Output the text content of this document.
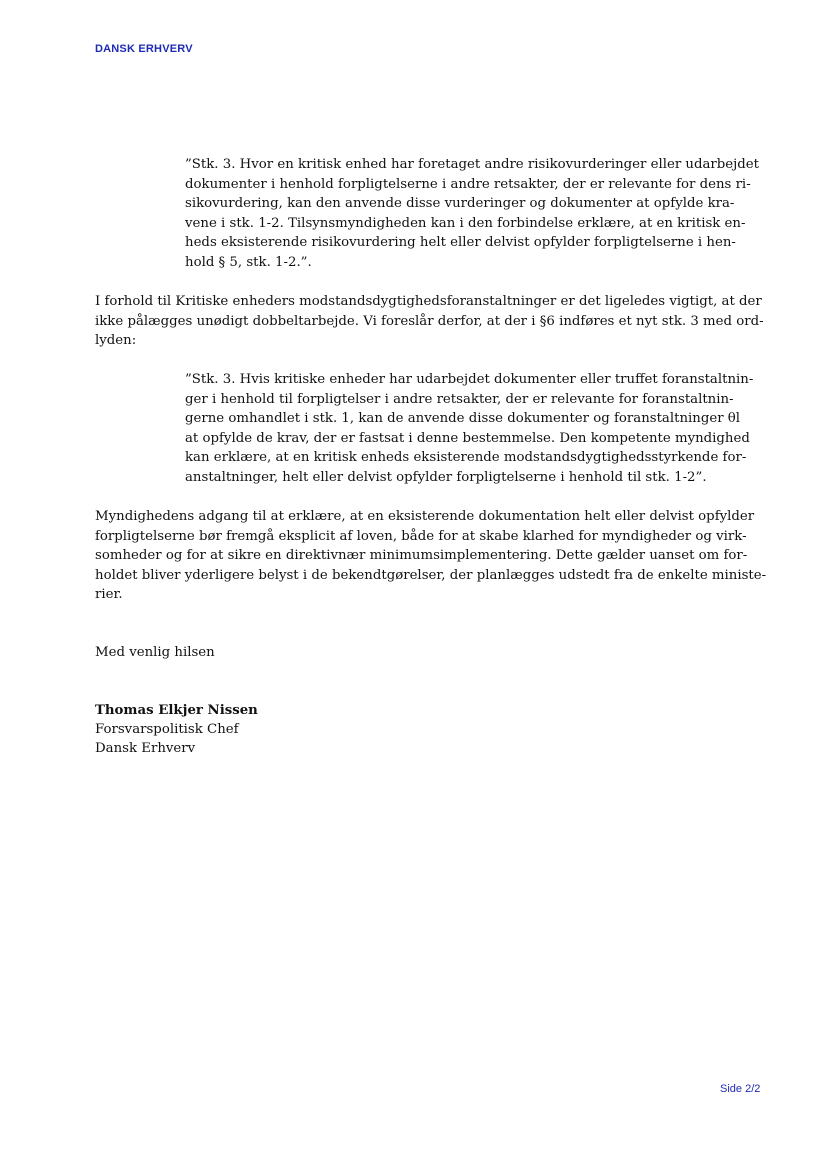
DANSK ERHVERV
”Stk. 3. Hvor en kritisk enhed har foretaget andre risikovurderinger eller udarbejdet
dokumenter i henhold forpligtelserne i andre retsakter, der er relevante for dens ri-
sikovurdering, kan den anvende disse vurderinger og dokumenter at opfylde kra-
vene i stk. 1-2. Tilsynsmyndigheden kan i den forbindelse erklære, at en kritisk en-
heds eksisterende risikovurdering helt eller delvist opfylder forpligtelserne i hen-
hold § 5, stk. 1-2.”.
I forhold til Kritiske enheders modstandsdygtighedsforanstaltninger er det ligeledes vigtigt, at der
ikke pålægges unødigt dobbeltarbejde. Vi foreslår derfor, at der i §6 indføres et nyt stk. 3 med ord-
lyden:
”Stk. 3. Hvis kritiske enheder har udarbejdet dokumenter eller truffet foranstaltnin-
ger i henhold til forpligtelser i andre retsakter, der er relevante for foranstaltnin-
gerne omhandlet i stk. 1, kan de anvende disse dokumenter og foranstaltninger θl
at opfylde de krav, der er fastsat i denne bestemmelse. Den kompetente myndighed
kan erklære, at en kritisk enheds eksisterende modstandsdygtighedsstyrkende for-
anstaltninger, helt eller delvist opfylder forpligtelserne i henhold til stk. 1-2”.
Myndighedens adgang til at erklære, at en eksisterende dokumentation helt eller delvist opfylder
forpligtelserne bør fremgå eksplicit af loven, både for at skabe klarhed for myndigheder og virk-
somheder og for at sikre en direktivnær minimumsimplementering. Dette gælder uanset om for-
holdet bliver yderligere belyst i de bekendtgørelser, der planlægges udstedt fra de enkelte ministe-
rier.
Med venlig hilsen
Thomas Elkjer Nissen
Forsvarspolitisk Chef
Dansk Erhverv
Side 2/2
